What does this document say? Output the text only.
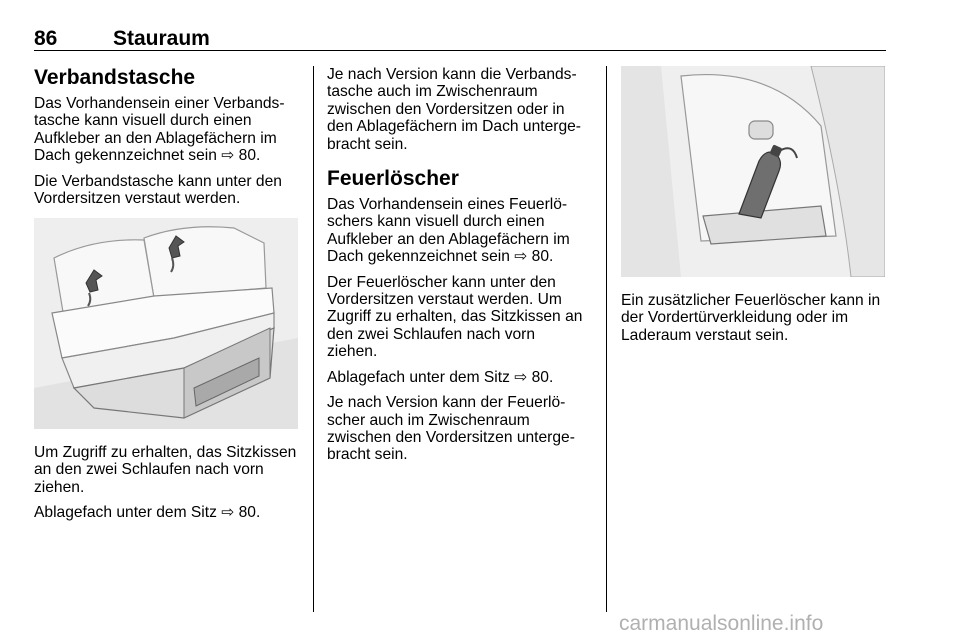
86	Stauraum
Verbandstasche

Das Vorhandensein einer Verbands-
tasche kann visuell durch einen
Aufkleber an den Ablagefächern im
Dach gekennzeichnet sein ⇨ 80.

Die Verbandstasche kann unter den
Vordersitzen verstaut werden.

Um Zugriff zu erhalten, das Sitzkissen
an den zwei Schlaufen nach vorn
ziehen.

Ablagefach unter dem Sitz ⇨ 80.

Je nach Version kann die Verbands-
tasche auch im Zwischenraum
zwischen den Vordersitzen oder in
den Ablagefächern im Dach unterge-
bracht sein.

Feuerlöscher

Das Vorhandensein eines Feuerlö-
schers kann visuell durch einen
Aufkleber an den Ablagefächern im
Dach gekennzeichnet sein ⇨ 80.

Der Feuerlöscher kann unter den
Vordersitzen verstaut werden. Um
Zugriff zu erhalten, das Sitzkissen an
den zwei Schlaufen nach vorn
ziehen.

Ablagefach unter dem Sitz ⇨ 80.

Je nach Version kann der Feuerlö-
scher auch im Zwischenraum
zwischen den Vordersitzen unterge-
bracht sein.

Ein zusätzlicher Feuerlöscher kann in
der Vordertürverkleidung oder im
Laderaum verstaut sein.

carmanualsonline.info
